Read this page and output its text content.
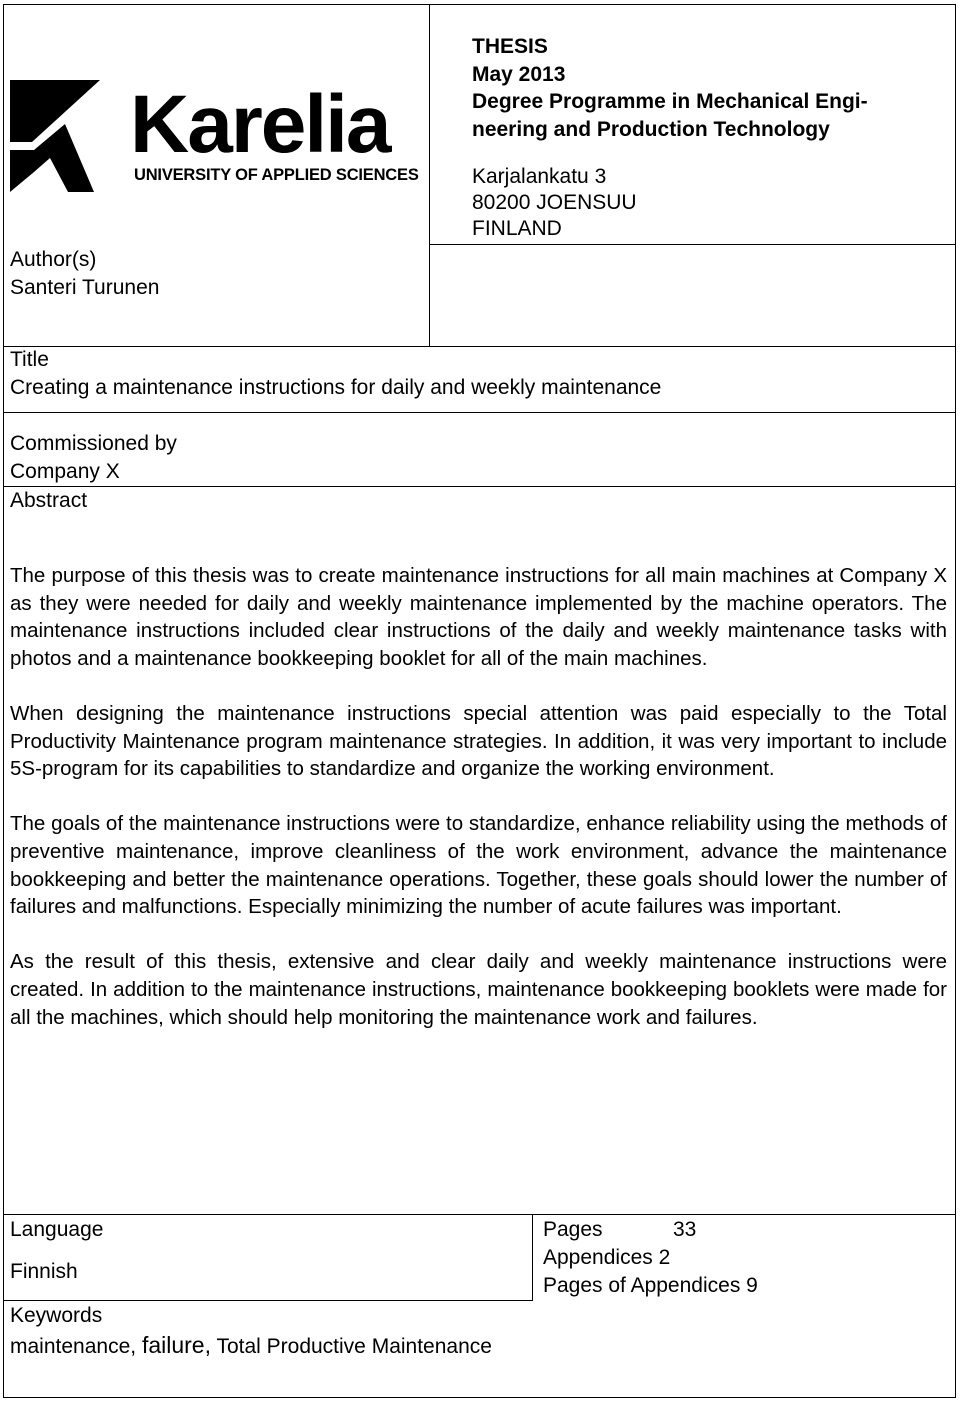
Karelia
UNIVERSITY OF APPLIED SCIENCES
THESIS
May 2013
Degree Programme in Mechanical Engi-
neering and Production Technology
Karjalankatu 3
80200 JOENSUU
FINLAND
Author(s)
Santeri Turunen
Title
Creating a maintenance instructions for daily and weekly maintenance
Commissioned by
Company X
Abstract

The purpose of this thesis was to create maintenance instructions for all main machines at Company X as they were needed for daily and weekly maintenance implemented by the machine operators. The maintenance instructions included clear instructions of the daily and weekly maintenance tasks with photos and a maintenance bookkeeping booklet for all of the main machines.

When designing the maintenance instructions special attention was paid especially to the Total Productivity Maintenance program maintenance strategies. In addition, it was very important to include 5S-program for its capabilities to standardize and organize the working environment.

The goals of the maintenance instructions were to standardize, enhance reliability using the methods of preventive maintenance, improve cleanliness of the work environment, advance the maintenance bookkeeping and better the maintenance operations. Together, these goals should lower the number of failures and malfunctions. Especially minimizing the number of acute failures was important.

As the result of this thesis, extensive and clear daily and weekly maintenance instructions were created. In addition to the maintenance instructions, maintenance bookkeeping booklets were made for all the machines, which should help monitoring the maintenance work and failures.

Language
Finnish
Pages	33
Appendices 2
Pages of Appendices 9
Keywords
maintenance, failure, Total Productive Maintenance
